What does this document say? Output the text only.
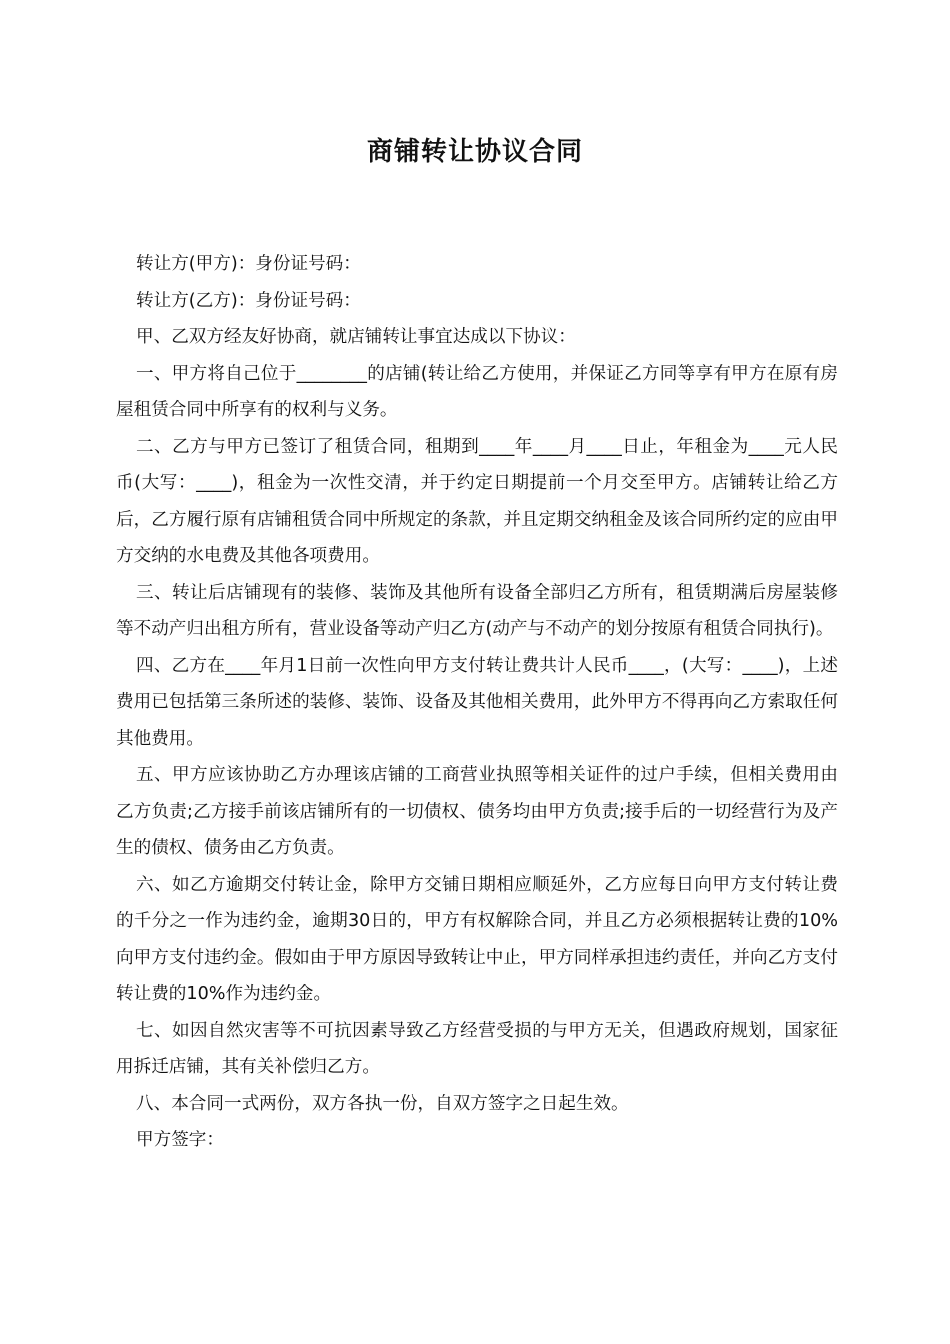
商铺转让协议合同

转让方(甲方)：身份证号码：

转让方(乙方)：身份证号码：

甲、乙双方经友好协商，就店铺转让事宜达成以下协议：

一、甲方将自己位于________的店铺(转让给乙方使用，并保证乙方同等享有甲方在原有房屋租赁合同中所享有的权利与义务。

二、乙方与甲方已签订了租赁合同，租期到____年____月____日止，年租金为____元人民币(大写：____)，租金为一次性交清，并于约定日期提前一个月交至甲方。店铺转让给乙方后，乙方履行原有店铺租赁合同中所规定的条款，并且定期交纳租金及该合同所约定的应由甲方交纳的水电费及其他各项费用。

三、转让后店铺现有的装修、装饰及其他所有设备全部归乙方所有，租赁期满后房屋装修等不动产归出租方所有，营业设备等动产归乙方(动产与不动产的划分按原有租赁合同执行)。

四、乙方在____年月1日前一次性向甲方支付转让费共计人民币____，(大写：____)，上述费用已包括第三条所述的装修、装饰、设备及其他相关费用，此外甲方不得再向乙方索取任何其他费用。

五、甲方应该协助乙方办理该店铺的工商营业执照等相关证件的过户手续，但相关费用由乙方负责;乙方接手前该店铺所有的一切债权、债务均由甲方负责;接手后的一切经营行为及产生的债权、债务由乙方负责。

六、如乙方逾期交付转让金，除甲方交铺日期相应顺延外，乙方应每日向甲方支付转让费的千分之一作为违约金，逾期30日的，甲方有权解除合同，并且乙方必须根据转让费的10%向甲方支付违约金。假如由于甲方原因导致转让中止，甲方同样承担违约责任，并向乙方支付转让费的10%作为违约金。

七、如因自然灾害等不可抗因素导致乙方经营受损的与甲方无关，但遇政府规划，国家征用拆迁店铺，其有关补偿归乙方。

八、本合同一式两份，双方各执一份，自双方签字之日起生效。

甲方签字：
